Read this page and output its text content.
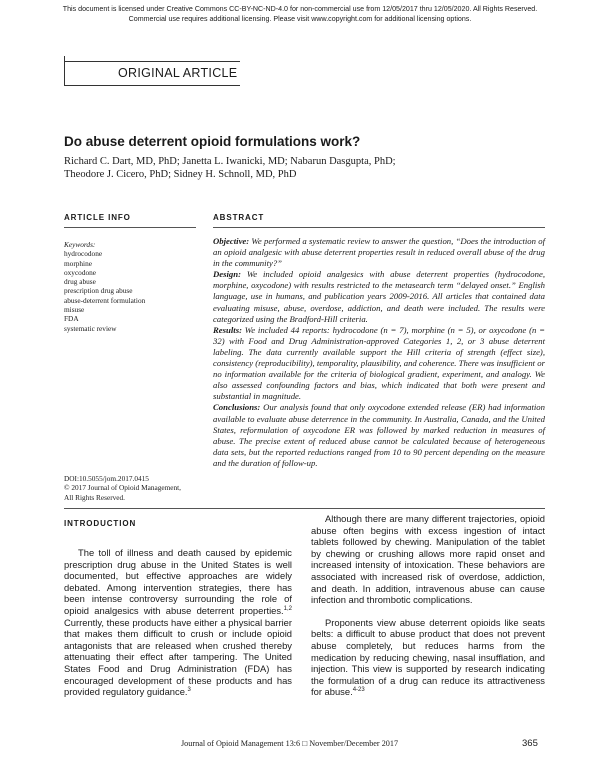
This document is licensed under Creative Commons CC-BY-NC-ND-4.0 for non-commercial use from 12/05/2017 thru 12/05/2020. All Rights Reserved.
Commercial use requires additional licensing. Please visit www.copyright.com for additional licensing options.
ORIGINAL ARTICLE
Do abuse deterrent opioid formulations work?
Richard C. Dart, MD, PhD; Janetta L. Iwanicki, MD; Nabarun Dasgupta, PhD;
Theodore J. Cicero, PhD; Sidney H. Schnoll, MD, PhD
ARTICLE INFO	ABSTRACT
Keywords:
hydrocodone
morphine
oxycodone
drug abuse
prescription drug abuse
abuse-deterrent formulation
misuse
FDA
systematic review
DOI:10.5055/jom.2017.0415
© 2017 Journal of Opioid Management,
All Rights Reserved.

Objective: We performed a systematic review to answer the question, “Does the introduction of an opioid analgesic with abuse deterrent properties result in reduced overall abuse of the drug in the community?”

Design: We included opioid analgesics with abuse deterrent properties (hydrocodone, morphine, oxycodone) with results restricted to the metasearch term “delayed onset.” English language, use in humans, and publication years 2009-2016. All articles that contained data evaluating misuse, abuse, overdose, addiction, and death were included. The results were categorized using the Bradford-Hill criteria.

Results: We included 44 reports: hydrocodone (n = 7), morphine (n = 5), or oxycodone (n = 32) with Food and Drug Administration-approved Categories 1, 2, or 3 abuse deterrent labeling. The data currently available support the Hill criteria of strength (effect size), consistency (reproducibility), temporality, plausibility, and coherence. There was insufficient or no information available for the criteria of biological gradient, experiment, and analogy. We also assessed confounding factors and bias, which indicated that both were present and substantial in magnitude.

Conclusions: Our analysis found that only oxycodone extended release (ER) had information available to evaluate abuse deterrence in the community. In Australia, Canada, and the United States, reformulation of oxycodone ER was followed by marked reduction in measures of abuse. The precise extent of reduced abuse cannot be calculated because of heterogeneous data sets, but the reported reductions ranged from 10 to 90 percent depending on the measure and the duration of follow-up.

INTRODUCTION

The toll of illness and death caused by epidemic prescription drug abuse in the United States is well documented, but effective approaches are widely debated. Among intervention strategies, there has been intense controversy surrounding the role of opioid analgesics with abuse deterrent properties.$^{1,2}$ Currently, these products have either a physical barrier that makes them difficult to crush or include opioid antagonists that are released when crushed thereby attenuating their effect after tampering. The United States Food and Drug Administration (FDA) has encouraged development of these products and has provided regulatory guidance.$^3$

Although there are many different trajectories, opioid abuse often begins with excess ingestion of intact tablets followed by chewing. Manipulation of the tablet by chewing or crushing allows more rapid onset and increased intensity of intoxication. These behaviors are associated with increased risk of overdose, addiction, and death. In addition, intravenous abuse can cause infection and thrombotic complications.

Proponents view abuse deterrent opioids like seats belts: a difficult to abuse product that does not prevent abuse completely, but reduces harms from the medication by reducing chewing, nasal insufflation, and injection. This view is supported by research indicating the formulation of a drug can reduce its attractiveness for abuse.$^{4-23}$

Journal of Opioid Management 13:6 □ November/December 2017	365
